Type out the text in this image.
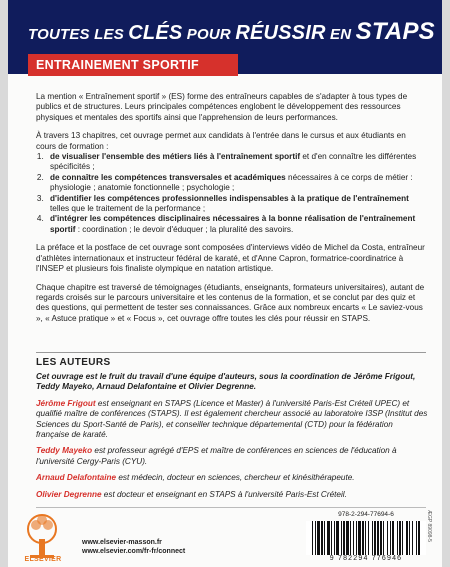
TOUTES LES CLÉS POUR RÉUSSIR EN STAPS
ENTRAINEMENT SPORTIF

La mention « Entraînement sportif » (ES) forme des entraîneurs capables de s'adapter à tous types de publics et de structures. Leurs principales compétences englobent le développement des ressources physiques et mentales des sportifs ainsi que l'apprehension de leurs performances.

À travers 13 chapitres, cet ouvrage permet aux candidats à l'entrée dans le cursus et aux étudiants en cours de formation :

1. de visualiser l'ensemble des métiers liés à l'entraînement sportif et d'en connaître les différentes spécificités ;
2. de connaître les compétences transversales et académiques nécessaires à ce corps de métier : physiologie ; anatomie fonctionnelle ; psychologie ;
3. d'identifier les compétences professionnelles indispensables à la pratique de l'entraînement telles que le traitement de la performance ;
4. d'intégrer les compétences disciplinaires nécessaires à la bonne réalisation de l'entraînement sportif : coordination ; le devoir d'éduquer ; la pluralité des savoirs.

La préface et la postface de cet ouvrage sont composées d'interviews vidéo de Michel da Costa, entraîneur d'athlètes internationaux et instructeur fédéral de karaté, et d'Anne Capron, formatrice-coordinatrice à l'INSEP et plusieurs fois finaliste olympique en natation artistique.

Chaque chapitre est traversé de témoignages (étudiants, enseignants, formateurs universitaires), autant de regards croisés sur le parcours universitaire et les contenus de la formation, et se conclut par des quiz et des questions, qui permettent de tester ses connaissances. Grâce aux nombreux encarts « Le saviez-vous », « Astuce pratique » et « Focus », cet ouvrage offre toutes les clés pour réussir en STAPS.

LES AUTEURS

Cet ouvrage est le fruit du travail d'une équipe d'auteurs, sous la coordination de Jérôme Frigout, Teddy Mayeko, Arnaud Delafontaine et Olivier Degrenne.

Jérôme Frigout est enseignant en STAPS (Licence et Master) à l'université Paris-Est Créteil UPEC) et qualifié maître de conférences (STAPS). Il est également chercheur associé au laboratoire I3SP (Institut des Sciences du Sport-Santé de Paris), et conseiller technique départemental (CTD) pour la fédération française de karaté.

Teddy Mayeko est professeur agrégé d'EPS et maître de conférences en sciences de l'éducation à l'université Cergy-Paris (CYU).

Arnaud Delafontaine est médecin, docteur en sciences, chercheur et kinésithérapeute.

Olivier Degrenne est docteur et enseignant en STAPS à l'université Paris-Est Créteil.

ELSEVIER
www.elsevier-masson.fr
www.elsevier.com/fr-fr/connect
978-2-294-77694-6
9 782294 776946
ÆGP 89098-5
